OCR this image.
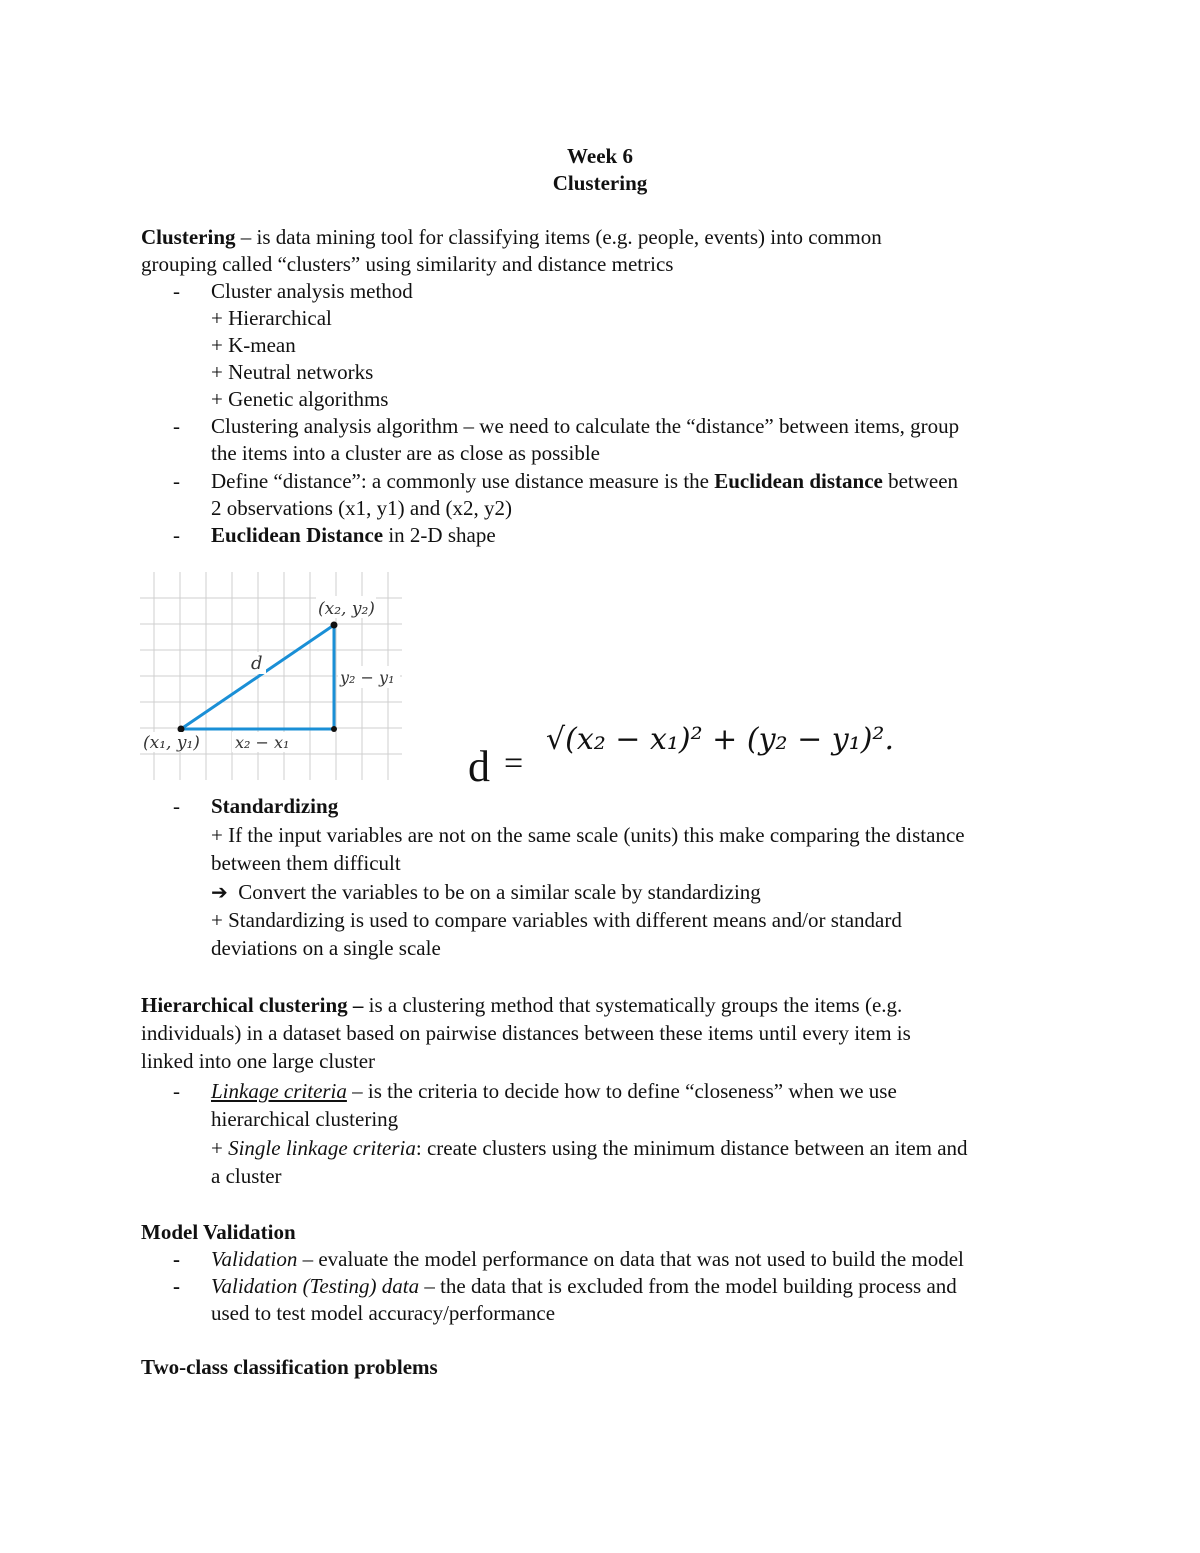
Week 6
Clustering
Clustering – is data mining tool for classifying items (e.g. people, events) into common
grouping called “clusters” using similarity and distance metrics
- Cluster analysis method
+ Hierarchical
+ K-mean
+ Neutral networks
+ Genetic algorithms
- Clustering analysis algorithm – we need to calculate the “distance” between items, group
the items into a cluster are as close as possible
- Define “distance”: a commonly use distance measure is the Euclidean distance between
2 observations (x1, y1) and (x2, y2)
- Euclidean Distance in 2-D shape
(x₂, y₂)
(x₁, y₁)
d
y₂ − y₁
x₂ − x₁	d =
√(x₂ − x₁)² + (y₂ − y₁)².
- Standardizing
+ If the input variables are not on the same scale (units) this make comparing the distance
between them difficult
➔ Convert the variables to be on a similar scale by standardizing
+ Standardizing is used to compare variables with different means and/or standard
deviations on a single scale
Hierarchical clustering – is a clustering method that systematically groups the items (e.g.
individuals) in a dataset based on pairwise distances between these items until every item is
linked into one large cluster
- Linkage criteria – is the criteria to decide how to define “closeness” when we use
hierarchical clustering
+ Single linkage criteria: create clusters using the minimum distance between an item and
a cluster
Model Validation
- Validation – evaluate the model performance on data that was not used to build the model
- Validation (Testing) data – the data that is excluded from the model building process and
used to test model accuracy/performance
Two-class classification problems
